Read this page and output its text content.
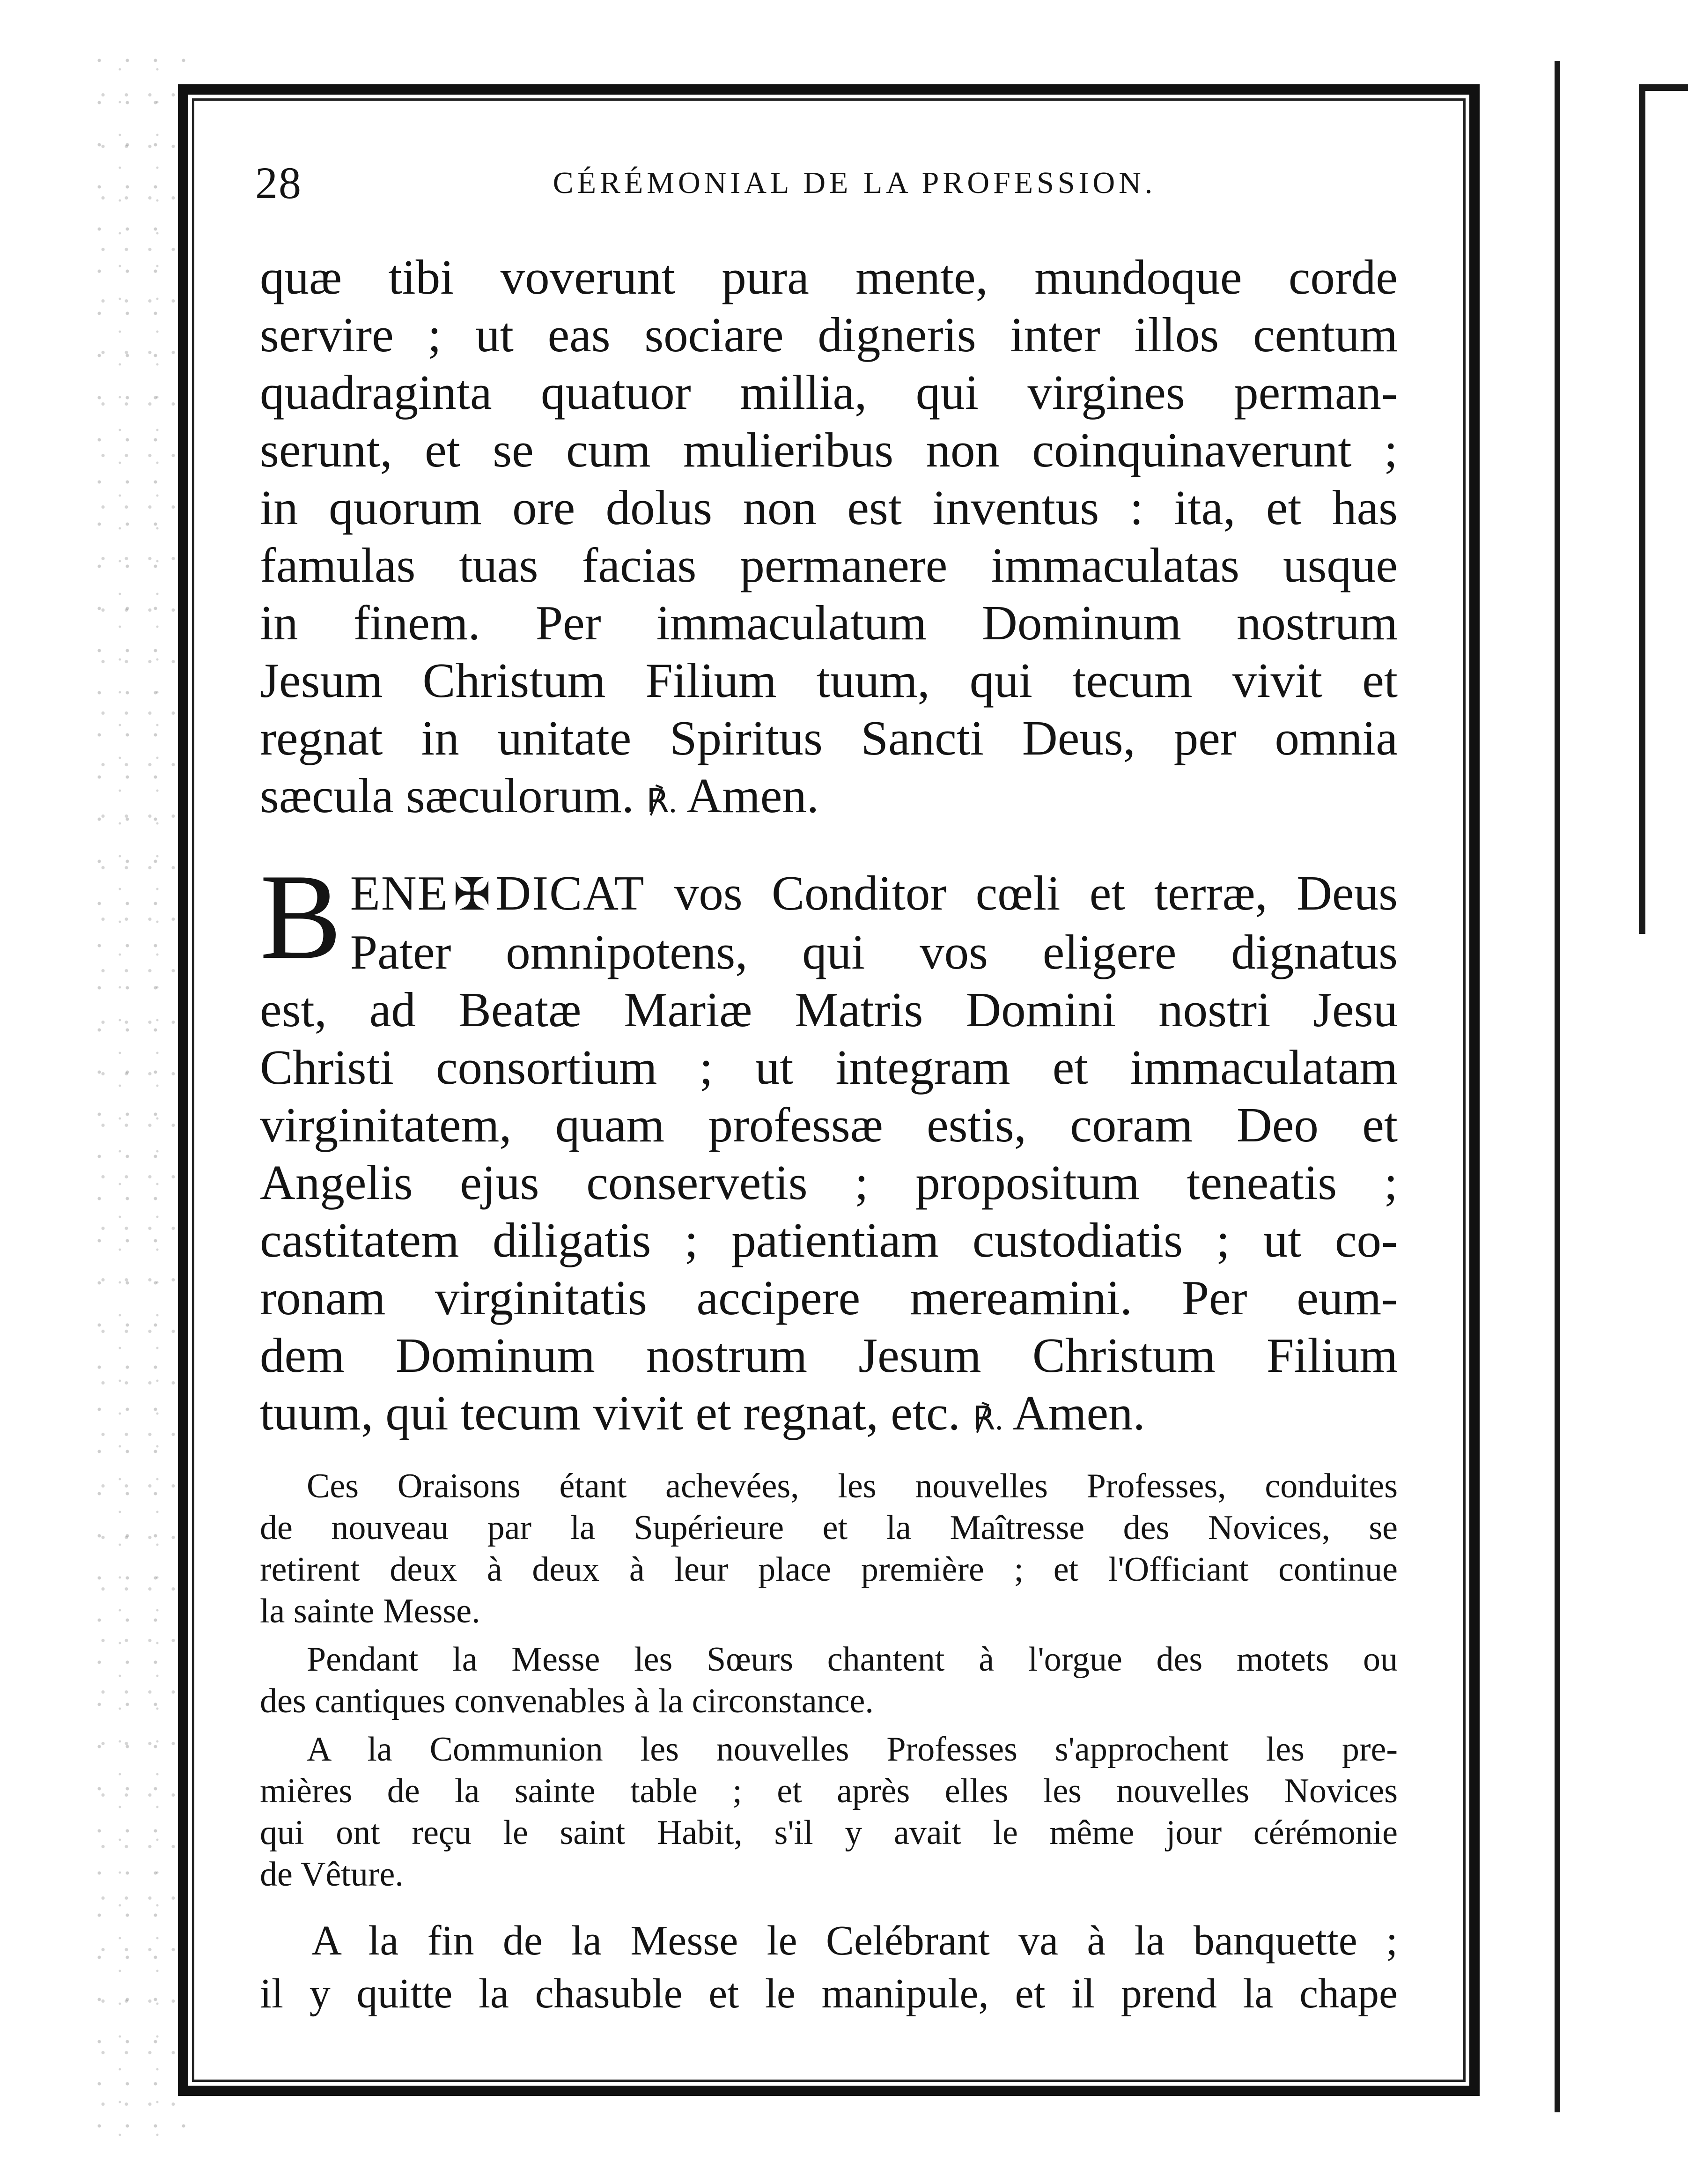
28	CÉRÉMONIAL DE LA PROFESSION.
quæ tibi voverunt pura mente, mundoque corde
servire ; ut eas sociare digneris inter illos centum
quadraginta quatuor millia, qui virgines perman-
serunt, et se cum mulieribus non coinquinaverunt ;
in quorum ore dolus non est inventus : ita, et has
famulas tuas facias permanere immaculatas usque
in finem. Per immaculatum Dominum nostrum
Jesum Christum Filium tuum, qui tecum vivit et
regnat in unitate Spiritus Sancti Deus, per omnia
sæcula sæculorum. ℟. Amen.
B ENE ✠DICAT vos Conditor cœli et terræ, Deus
Pater omnipotens, qui vos eligere dignatus
est, ad Beatæ Mariæ Matris Domini nostri Jesu
Christi consortium ; ut integram et immaculatam
virginitatem, quam professæ estis, coram Deo et
Angelis ejus conservetis ; propositum teneatis ;
castitatem diligatis ; patientiam custodiatis ; ut co-
ronam virginitatis accipere mereamini. Per eum-
dem Dominum nostrum Jesum Christum Filium
tuum, qui tecum vivit et regnat, etc. ℟. Amen.
Ces Oraisons étant achevées, les nouvelles Professes, conduites
de nouveau par la Supérieure et la Maîtresse des Novices, se
retirent deux à deux à leur place première ; et l'Officiant continue
la sainte Messe.
Pendant la Messe les Sœurs chantent à l'orgue des motets ou
des cantiques convenables à la circonstance.
A la Communion les nouvelles Professes s'approchent les pre-
mières de la sainte table ; et après elles les nouvelles Novices
qui ont reçu le saint Habit, s'il y avait le même jour cérémonie
de Vêture.
A la fin de la Messe le Celébrant va à la banquette ;
il y quitte la chasuble et le manipule, et il prend la chape
